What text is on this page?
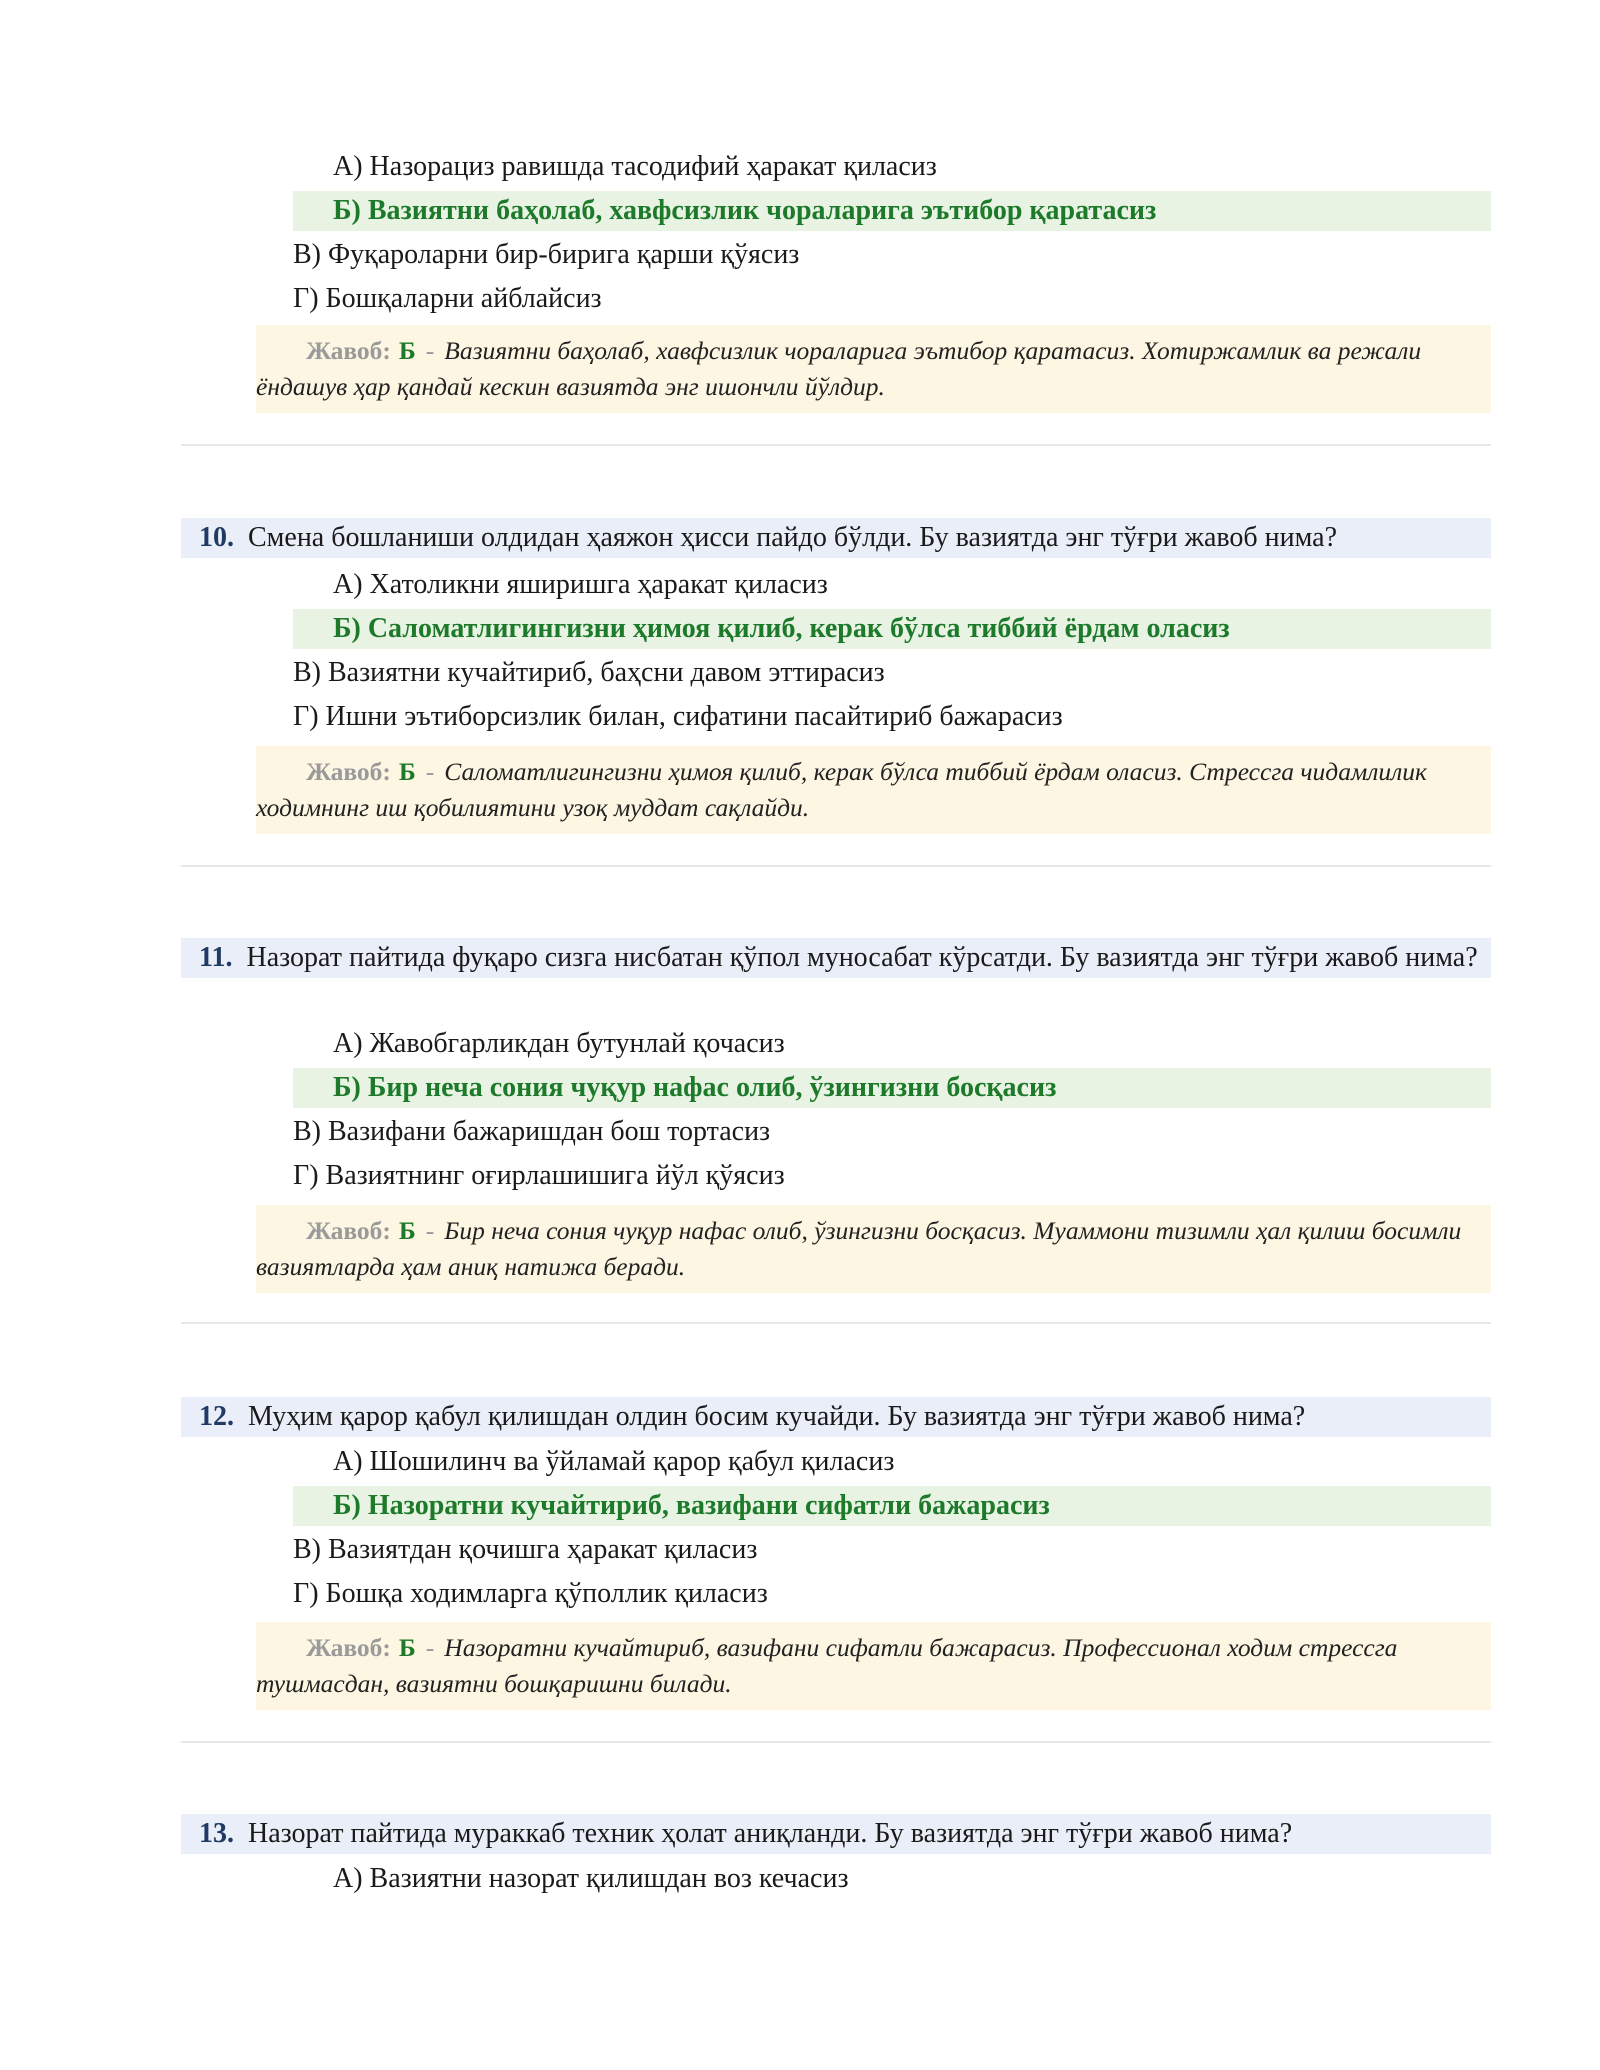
А) Назорациз равишда тасодифий ҳаракат қиласиз
Б) Вазиятни баҳолаб, хавфсизлик чораларига эътибор қаратасиз
В) Фуқароларни бир-бирига қарши қўясиз
Г) Бошқаларни айблайсиз
Жавоб: Б - Вазиятни баҳолаб, хавфсизлик чораларига эътибор қаратасиз. Хотиржамлик ва режали ёндашув ҳар қандай кескин вазиятда энг ишончли йўлдир.
10. Смена бошланиши олдидан ҳаяжон ҳисси пайдо бўлди. Бу вазиятда энг тўғри жавоб нима?
А) Хатоликни яширишга ҳаракат қиласиз
Б) Саломатлигингизни ҳимоя қилиб, керак бўлса тиббий ёрдам оласиз
В) Вазиятни кучайтириб, баҳсни давом эттирасиз
Г) Ишни эътиборсизлик билан, сифатини пасайтириб бажарасиз
Жавоб: Б - Саломатлигингизни ҳимоя қилиб, керак бўлса тиббий ёрдам оласиз. Стрессга чидамлилик ходимнинг иш қобилиятини узоқ муддат сақлайди.
11. Назорат пайтида фуқаро сизга нисбатан қўпол муносабат кўрсатди. Бу вазиятда энг тўғри жавоб нима?
А) Жавобгарликдан бутунлай қочасиз
Б) Бир неча сония чуқур нафас олиб, ўзингизни босқасиз
В) Вазифани бажаришдан бош тортасиз
Г) Вазиятнинг оғирлашишига йўл қўясиз
Жавоб: Б - Бир неча сония чуқур нафас олиб, ўзингизни босқасиз. Муаммони тизимли ҳал қилиш босимли вазиятларда ҳам аниқ натижа беради.
12. Муҳим қарор қабул қилишдан олдин босим кучайди. Бу вазиятда энг тўғри жавоб нима?
А) Шошилинч ва ўйламай қарор қабул қиласиз
Б) Назоратни кучайтириб, вазифани сифатли бажарасиз
В) Вазиятдан қочишга ҳаракат қиласиз
Г) Бошқа ходимларга қўполлик қиласиз
Жавоб: Б - Назоратни кучайтириб, вазифани сифатли бажарасиз. Профессионал ходим стрессга тушмасдан, вазиятни бошқаришни билади.
13. Назорат пайтида мураккаб техник ҳолат аниқланди. Бу вазиятда энг тўғри жавоб нима?
А) Вазиятни назорат қилишдан воз кечасиз
